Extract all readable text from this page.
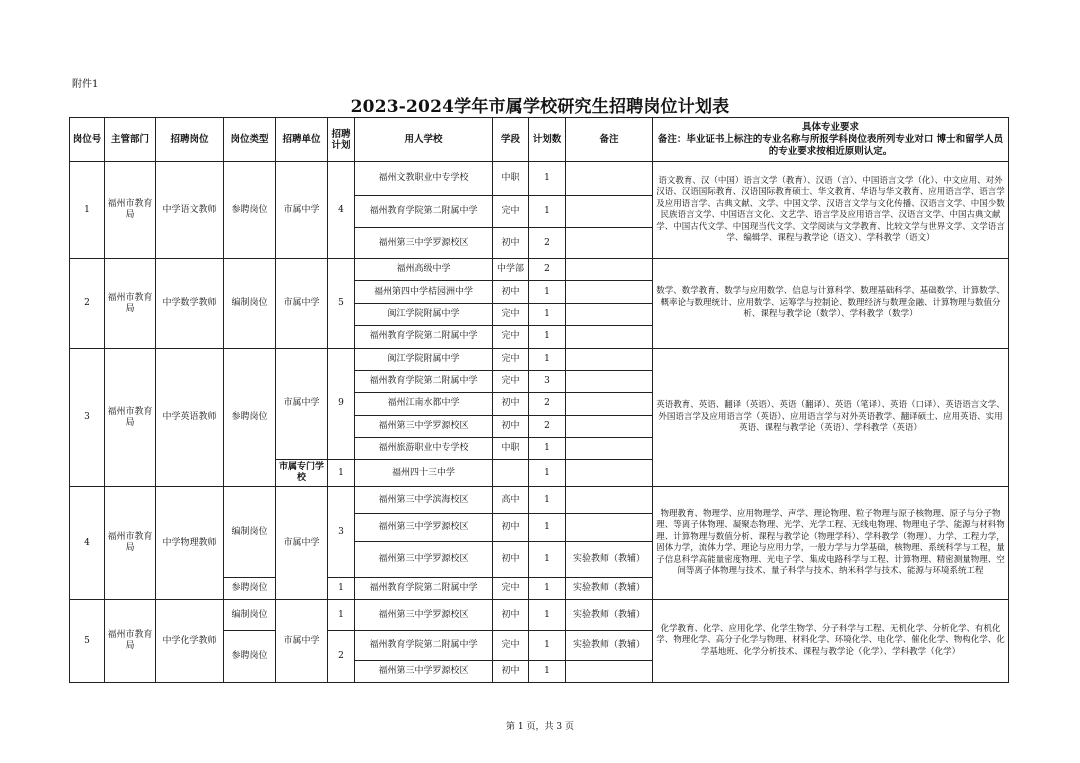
附件1
2023-2024学年市属学校研究生招聘岗位计划表
岗位号	主管部门	招聘岗位	岗位类型	招聘单位	招聘计划	用人学校	学段	计划数	备注	具体专业要求
备注：毕业证书上标注的专业名称与所报学科岗位表所列专业对口 博士和留学人员的专业要求按相近原则认定。

1	福州市教育局	中学语文教师	参聘岗位	市属中学	4	福州文教职业中专学校	中职	1		语文教育、汉（中国）语言文学（教育）、汉语（言）、中国语言文学（化）、中文应用、对外汉语、汉语国际教育、汉语国际教育硕士、华文教育、华语与华文教育、应用语言学、语言学及应用语言学、古典文献、文学、中国文学、汉语言文学与文化传播、汉语言文学、中国少数民族语言文学、中国语言文化、文艺学、语言学及应用语言学、汉语言文学、中国古典文献学、中国古代文学、中国现当代文学、文学阅读与文学教育、比较文学与世界文学、文学语言学、编辑学、课程与教学论（语文）、学科教学（语文）
						福州教育学院第二附属中学	完中	1		
						福州第三中学罗源校区	初中	2		
2	福州市教育局	中学数学教师	编制岗位	市属中学	5	福州高级中学	中学部	2		数学、数学教育、数学与应用数学、信息与计算科学、数理基础科学、基础数学、计算数学、概率论与数理统计、应用数学、运筹学与控制论、数理经济与数理金融、计算物理与数值分析、课程与教学论（数学）、学科教学（数学）
						福州第四中学桔园洲中学	初中	1		
						闽江学院附属中学	完中	1		
						福州教育学院第二附属中学	完中	1		
3	福州市教育局	中学英语教师	参聘岗位	市属中学	9	闽江学院附属中学	完中	1		英语教育、英语、翻译（英语）、英语（翻译）、英语（笔译）、英语（口译）、英语语言文学、外国语言学及应用语言学（英语）、应用语言学与对外英语教学、翻译硕士、应用英语、实用英语、课程与教学论（英语）、学科教学（英语）
						福州教育学院第二附属中学	完中	3		
						福州江南水都中学	初中	2		
						福州第三中学罗源校区	初中	2		
						福州旅游职业中专学校	中职	1		
				市属专门学校	1	福州四十三中学		1		
4	福州市教育局	中学物理教师	编制岗位	市属中学	3	福州第三中学滨海校区	高中	1		物理教育、物理学、应用物理学、声学、理论物理、粒子物理与原子核物理、原子与分子物理、等离子体物理、凝聚态物理、光学、光学工程、无线电物理、物理电子学、能源与材料物理、计算物理与数值分析、课程与教学论（物理学科）、学科教学（物理）、力学、工程力学，固体力学，流体力学、理论与应用力学，一般力学与力学基础，核物理、系统科学与工程，量子信息科学高能量密度物理、光电子学、集成电路科学与工程、计算物理、精密测量物理、空间等离子体物理与技术、量子科学与技术、纳米科学与技术、能源与环境系统工程
						福州第三中学罗源校区	初中	1		
						福州第三中学罗源校区	初中	1	实验教师（教辅）	
			参聘岗位		1	福州教育学院第二附属中学	完中	1	实验教师（教辅）	
5	福州市教育局	中学化学教师	编制岗位	市属中学	1	福州第三中学罗源校区	初中	1	实验教师（教辅）	化学教育、化学、应用化学、化学生物学、分子科学与工程、无机化学、分析化学、有机化学、物理化学、高分子化学与物理、材料化学、环境化学、电化学、催化化学、物构化学、化学基地班、化学分析技术、课程与教学论（化学）、学科教学（化学）
			参聘岗位		2	福州教育学院第二附属中学	完中	1	实验教师（教辅）	
						福州第三中学罗源校区	初中	1		
第 1 页，共 3 页
